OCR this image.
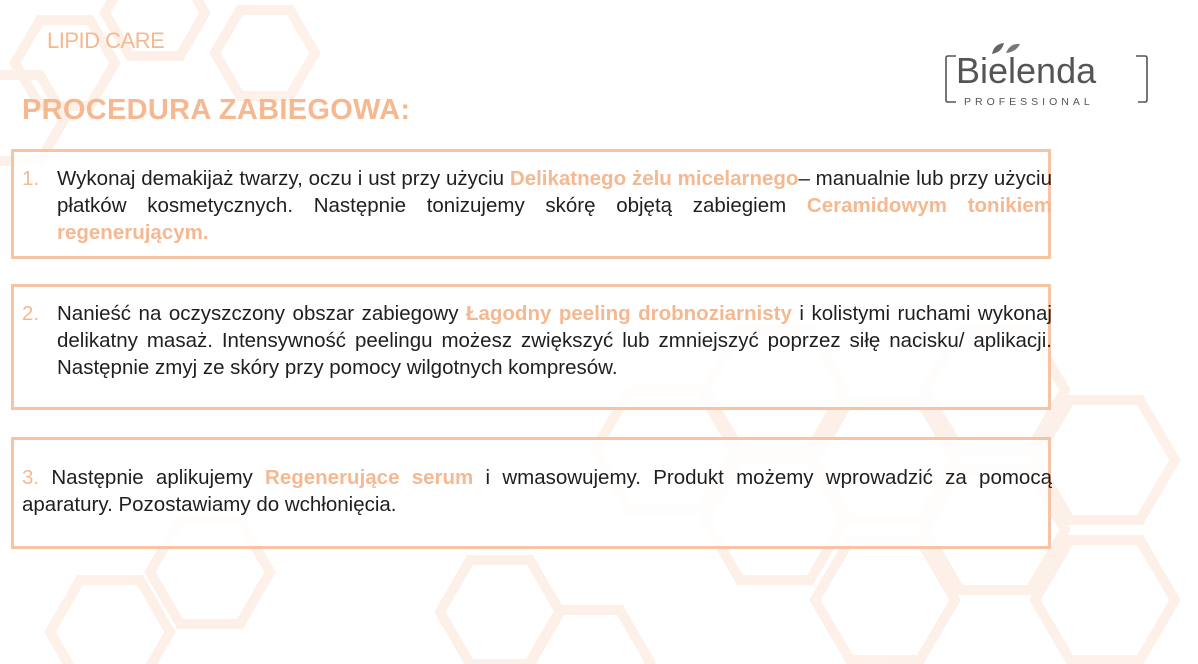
LIPID CARE
PROCEDURA ZABIEGOWA:
Bielenda
PROFESSIONAL
1. Wykonaj demakijaż twarzy, oczu i ust przy użyciu Delikatnego żelu micelarnego– manualnie lub przy użyciu płatków kosmetycznych. Następnie tonizujemy skórę objętą zabiegiem Ceramidowym tonikiem regenerującym.
2. Nanieść na oczyszczony obszar zabiegowy Łagodny peeling drobnoziarnisty i kolistymi ruchami wykonaj delikatny masaż. Intensywność peelingu możesz zwiększyć lub zmniejszyć poprzez siłę nacisku/ aplikacji. Następnie zmyj ze skóry przy pomocy wilgotnych kompresów.
3. Następnie aplikujemy Regenerujące serum i wmasowujemy. Produkt możemy wprowadzić za pomocą aparatury. Pozostawiamy do wchłonięcia.
